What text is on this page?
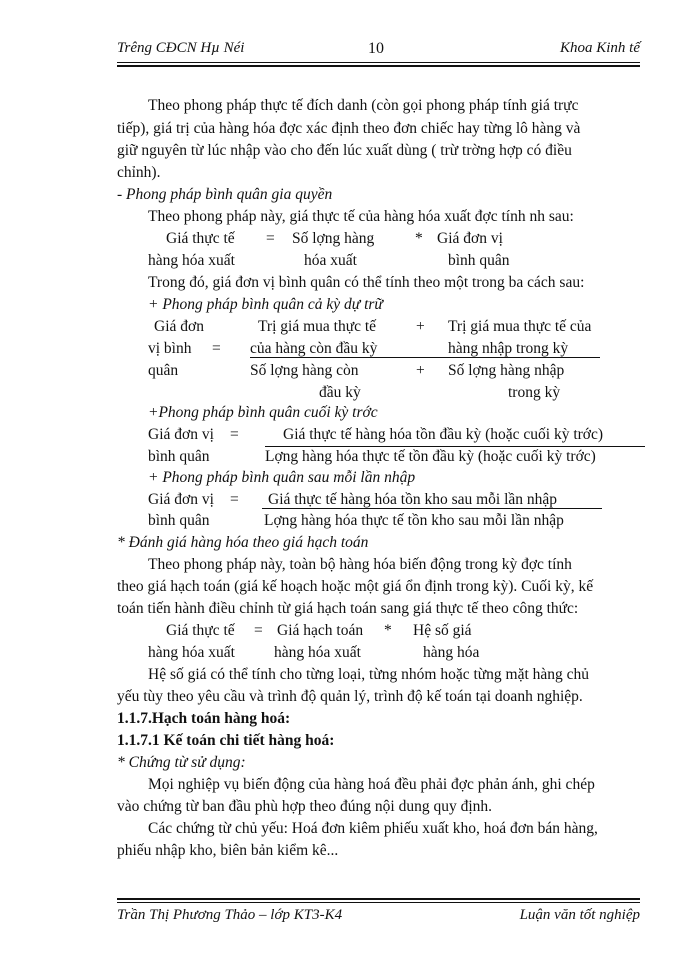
Trêng CĐCN Hµ Néi	10	Khoa Kinh tế
Theo phong pháp thực tế đích danh (còn gọi phong pháp tính giá trực
tiếp), giá trị của hàng hóa đợc xác định theo đơn chiếc hay từng lô hàng và
giữ nguyên từ lúc nhập vào cho đến lúc xuất dùng ( trừ trờng hợp có điều
chỉnh).
- Phong pháp bình quân gia quyền
Theo phong pháp này, giá thực tế của hàng hóa xuất đợc tính nh sau:
Giá thực tế = Số lợng hàng	* Giá đơn vị
hàng hóa xuất	hóa xuất	bình quân
Trong đó, giá đơn vị bình quân có thể tính theo một trong ba cách sau:
+ Phong pháp bình quân cả kỳ dự trữ
Giá đơn
vị bình
quân
=
Trị giá mua thực tế
của hàng còn đầu kỳ
+ Trị giá mua thực tế của
hàng nhập trong kỳ
Số lợng hàng còn
đầu kỳ
+ Số lợng hàng nhập
trong kỳ
+Phong pháp bình quân cuối kỳ trớc
Giá đơn vị =	Giá thực tế hàng hóa tồn đầu kỳ (hoặc cuối kỳ trớc)
bình quân	Lợng hàng hóa thực tế tồn đầu kỳ (hoặc cuối kỳ trớc)
+ Phong pháp bình quân sau mỗi lần nhập
Giá đơn vị = Giá thực tế hàng hóa tồn kho sau mỗi lần nhập
bình quân	Lợng hàng hóa thực tế tồn kho sau mỗi lần nhập
* Đánh giá hàng hóa theo giá hạch toán
Theo phong pháp này, toàn bộ hàng hóa biến động trong kỳ đợc tính
theo giá hạch toán (giá kế hoạch hoặc một giá ổn định trong kỳ). Cuối kỳ, kế
toán tiến hành điều chỉnh từ giá hạch toán sang giá thực tế theo công thức:
Giá thực tế = Giá hạch toán * Hệ số giá
hàng hóa xuất	hàng hóa xuất	hàng hóa
Hệ số giá có thể tính cho từng loại, từng nhóm hoặc từng mặt hàng chủ
yếu tùy theo yêu cầu và trình độ quản lý, trình độ kế toán tại doanh nghiệp.
1.1.7.Hạch toán hàng hoá:
1.1.7.1 Kế toán chi tiết hàng hoá:
* Chứng từ sử dụng:
Mọi nghiệp vụ biến động của hàng hoá đều phải đợc phản ánh, ghi chép
vào chứng từ ban đầu phù hợp theo đúng nội dung quy định.
Các chứng từ chủ yếu: Hoá đơn kiêm phiếu xuất kho, hoá đơn bán hàng,
phiếu nhập kho, biên bản kiểm kê...
Trần Thị Phương Thảo – lớp KT3-K4	Luận văn tốt nghiệp
